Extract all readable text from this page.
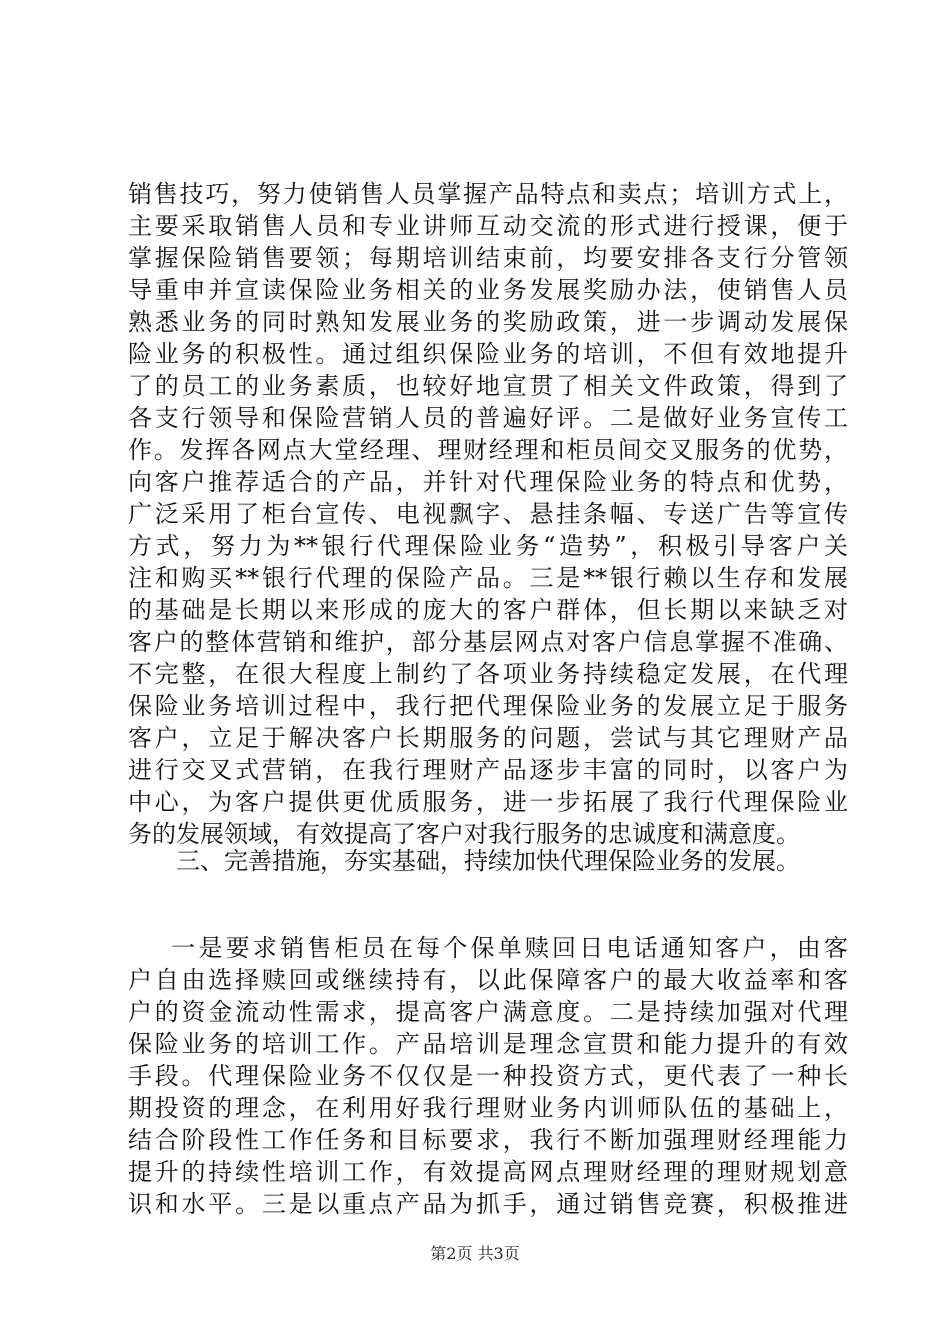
销售技巧，努力使销售人员掌握产品特点和卖点；培训方式上，
主要采取销售人员和专业讲师互动交流的形式进行授课，便于
掌握保险销售要领；每期培训结束前，均要安排各支行分管领
导重申并宣读保险业务相关的业务发展奖励办法，使销售人员
熟悉业务的同时熟知发展业务的奖励政策，进一步调动发展保
险业务的积极性。通过组织保险业务的培训，不但有效地提升
了的员工的业务素质，也较好地宣贯了相关文件政策，得到了
各支行领导和保险营销人员的普遍好评。二是做好业务宣传工
作。发挥各网点大堂经理、理财经理和柜员间交叉服务的优势，
向客户推荐适合的产品，并针对代理保险业务的特点和优势，
广泛采用了柜台宣传、电视飘字、悬挂条幅、专送广告等宣传
方式，努力为**银行代理保险业务“造势”，积极引导客户关
注和购买**银行代理的保险产品。三是**银行赖以生存和发展
的基础是长期以来形成的庞大的客户群体，但长期以来缺乏对
客户的整体营销和维护，部分基层网点对客户信息掌握不准确、
不完整，在很大程度上制约了各项业务持续稳定发展，在代理
保险业务培训过程中，我行把代理保险业务的发展立足于服务
客户，立足于解决客户长期服务的问题，尝试与其它理财产品
进行交叉式营销，在我行理财产品逐步丰富的同时，以客户为
中心，为客户提供更优质服务，进一步拓展了我行代理保险业
务的发展领域，有效提高了客户对我行服务的忠诚度和满意度。
三、完善措施，夯实基础，持续加快代理保险业务的发展。
一是要求销售柜员在每个保单赎回日电话通知客户，由客
户自由选择赎回或继续持有，以此保障客户的最大收益率和客
户的资金流动性需求，提高客户满意度。二是持续加强对代理
保险业务的培训工作。产品培训是理念宣贯和能力提升的有效
手段。代理保险业务不仅仅是一种投资方式，更代表了一种长
期投资的理念，在利用好我行理财业务内训师队伍的基础上，
结合阶段性工作任务和目标要求，我行不断加强理财经理能力
提升的持续性培训工作，有效提高网点理财经理的理财规划意
识和水平。三是以重点产品为抓手，通过销售竞赛，积极推进
第2页 共3页
